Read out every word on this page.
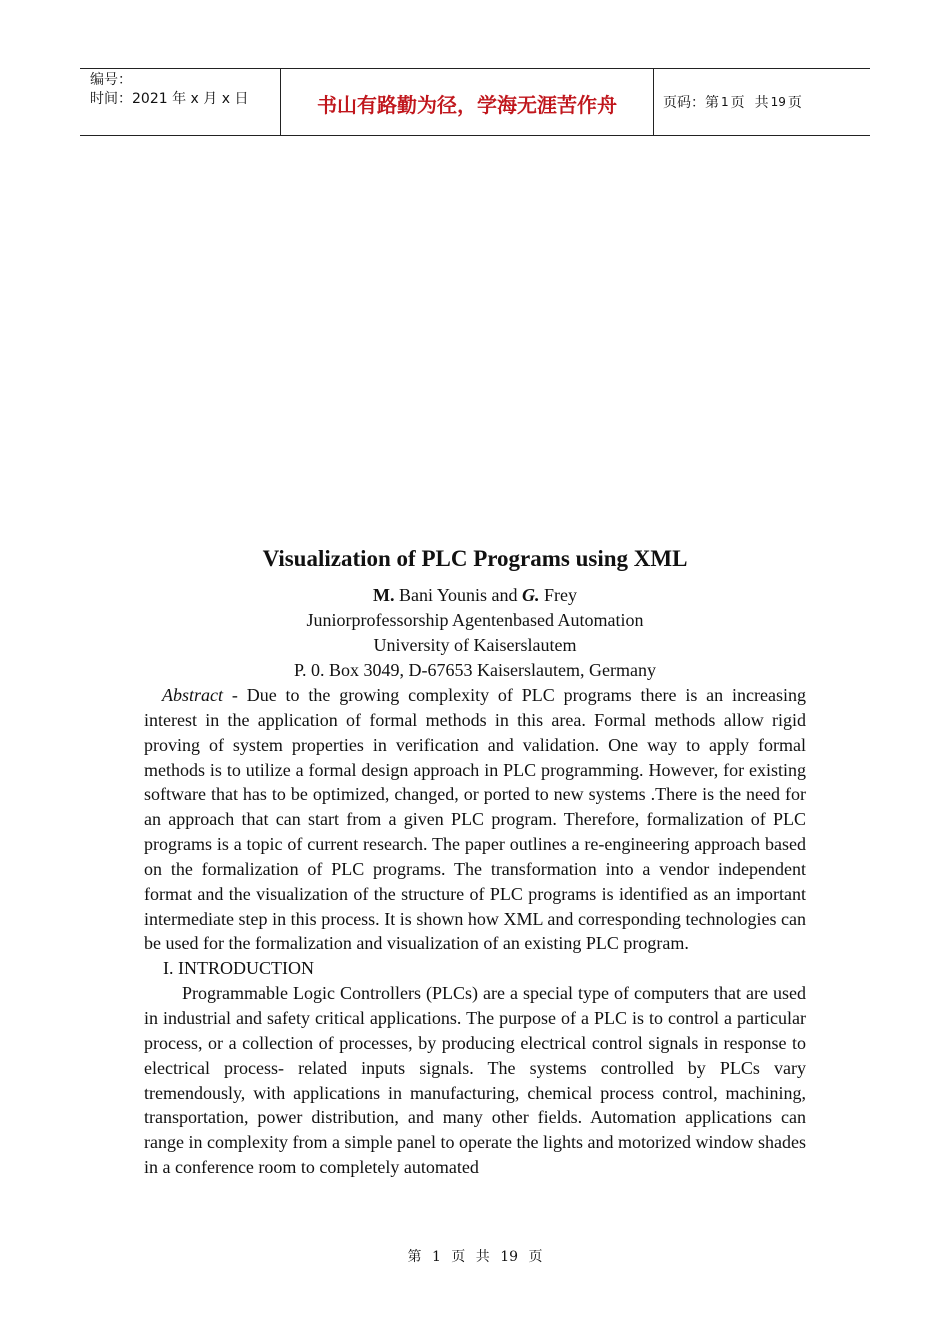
编号：
时间：2021 年 x 月 x 日	书山有路勤为径，学海无涯苦作舟	页码：第 1 页 共 19 页
Visualization of PLC Programs using XML
M. Bani Younis and G. Frey
Juniorprofessorship Agentenbased Automation
University of Kaiserslautem
P. 0. Box 3049, D-67653 Kaiserslautem, Germany

Abstract - Due to the growing complexity of PLC programs there is an increasing interest in the application of formal methods in this area. Formal methods allow rigid proving of system properties in verification and validation. One way to apply formal methods is to utilize a formal design approach in PLC programming. However, for existing software that has to be optimized, changed, or ported to new systems .There is the need for an approach that can start from a given PLC program. Therefore, formalization of PLC programs is a topic of current research. The paper outlines a re-engineering approach based on the formalization of PLC programs. The transformation into a vendor independent format and the visualization of the structure of PLC programs is identified as an important intermediate step in this process. It is shown how XML and corresponding technologies can be used for the formalization and visualization of an existing PLC program.

I. INTRODUCTION

Programmable Logic Controllers (PLCs) are a special type of computers that are used in industrial and safety critical applications. The purpose of a PLC is to control a particular process, or a collection of processes, by producing electrical control signals in response to electrical process- related inputs signals. The systems controlled by PLCs vary tremendously, with applications in manufacturing, chemical process control, machining, transportation, power distribution, and many other fields. Automation applications can range in complexity from a simple panel to operate the lights and motorized window shades in a conference room to completely automated

第 1 页 共 19 页
